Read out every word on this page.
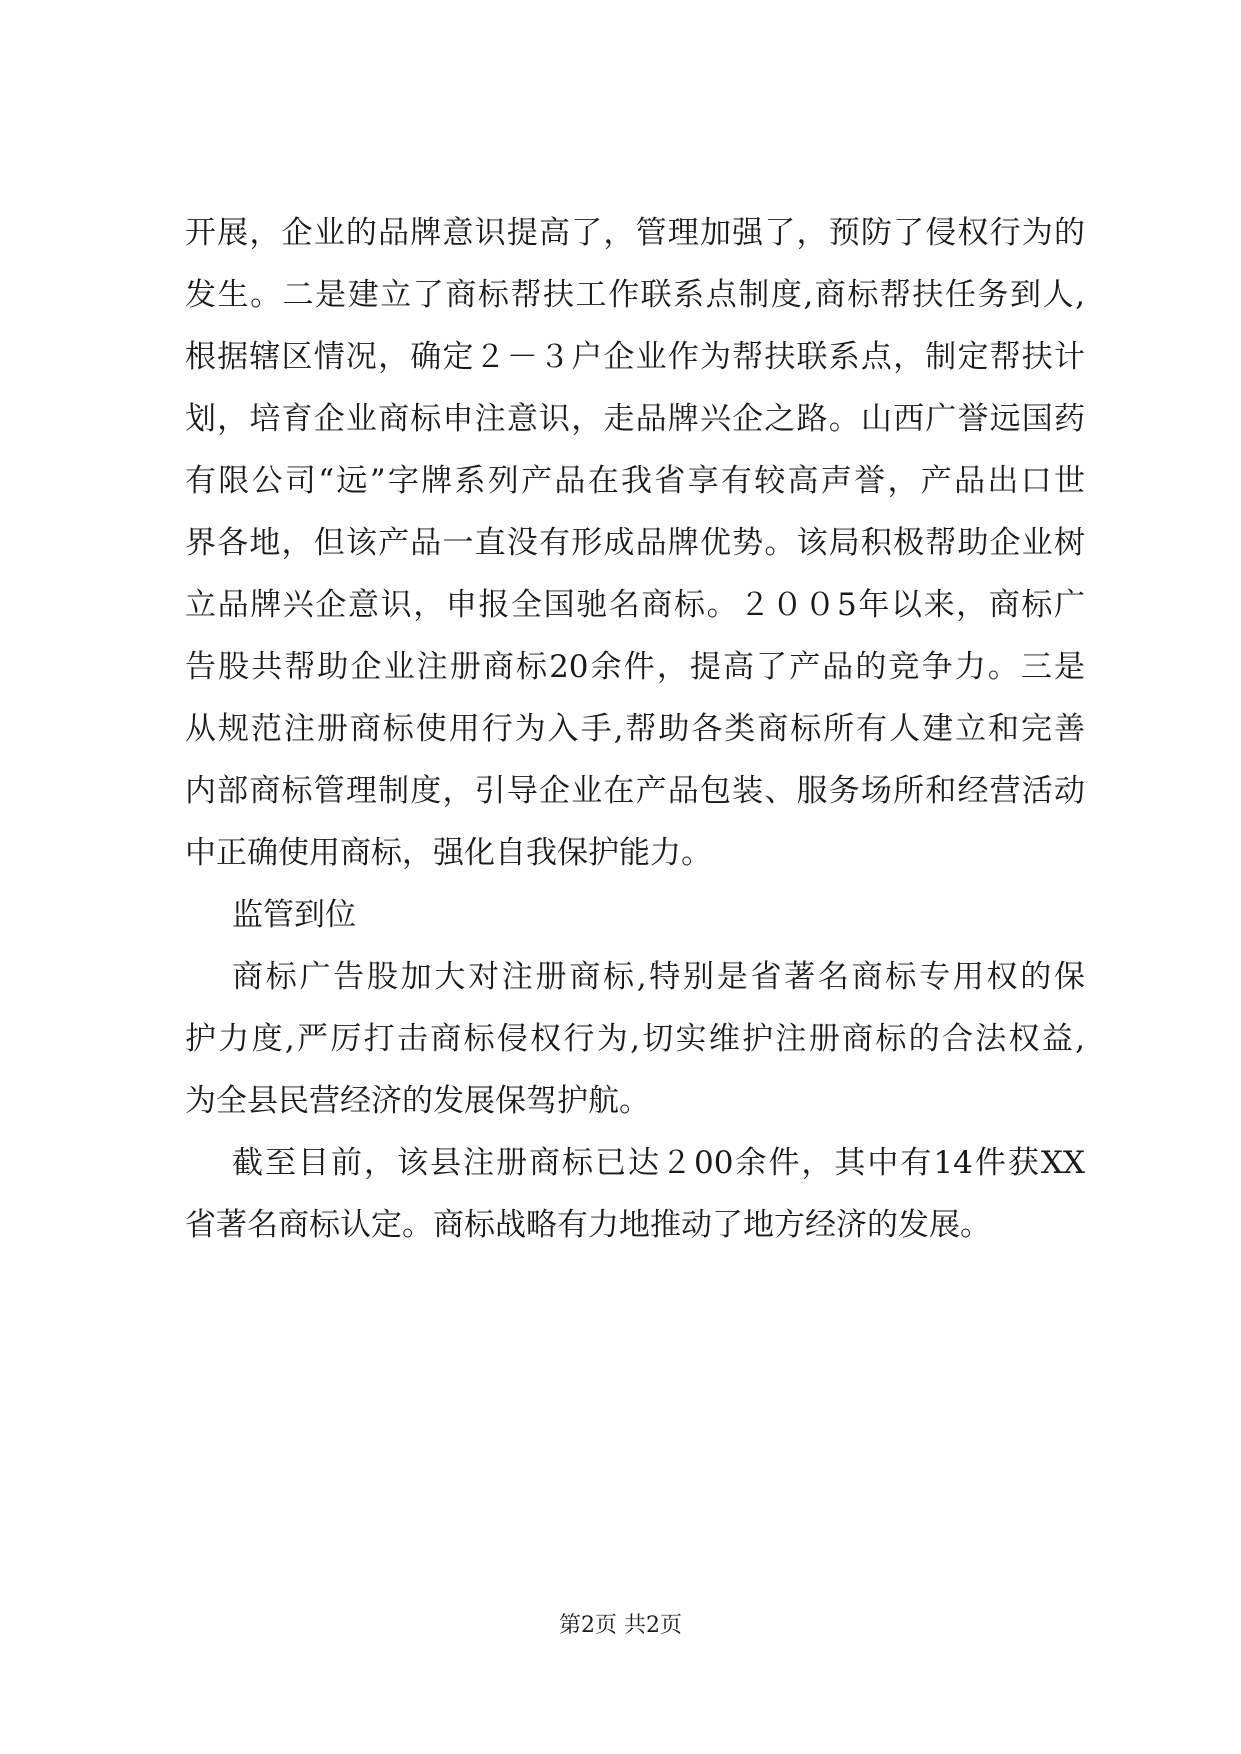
开展，企业的品牌意识提高了，管理加强了，预防了侵权行为的
发生。二是建立了商标帮扶工作联系点制度,商标帮扶任务到人,
根据辖区情况，确定２－３户企业作为帮扶联系点，制定帮扶计
划，培育企业商标申注意识，走品牌兴企之路。山西广誉远国药
有限公司“远”字牌系列产品在我省享有较高声誉，产品出口世
界各地，但该产品一直没有形成品牌优势。该局积极帮助企业树
立品牌兴企意识，申报全国驰名商标。２００5年以来，商标广
告股共帮助企业注册商标20余件，提高了产品的竞争力。三是
从规范注册商标使用行为入手,帮助各类商标所有人建立和完善
内部商标管理制度，引导企业在产品包装、服务场所和经营活动
中正确使用商标，强化自我保护能力。
监管到位
商标广告股加大对注册商标,特别是省著名商标专用权的保
护力度,严厉打击商标侵权行为,切实维护注册商标的合法权益,
为全县民营经济的发展保驾护航。
截至目前，该县注册商标已达２00余件，其中有14件获XX
省著名商标认定。商标战略有力地推动了地方经济的发展。
第2页 共2页
